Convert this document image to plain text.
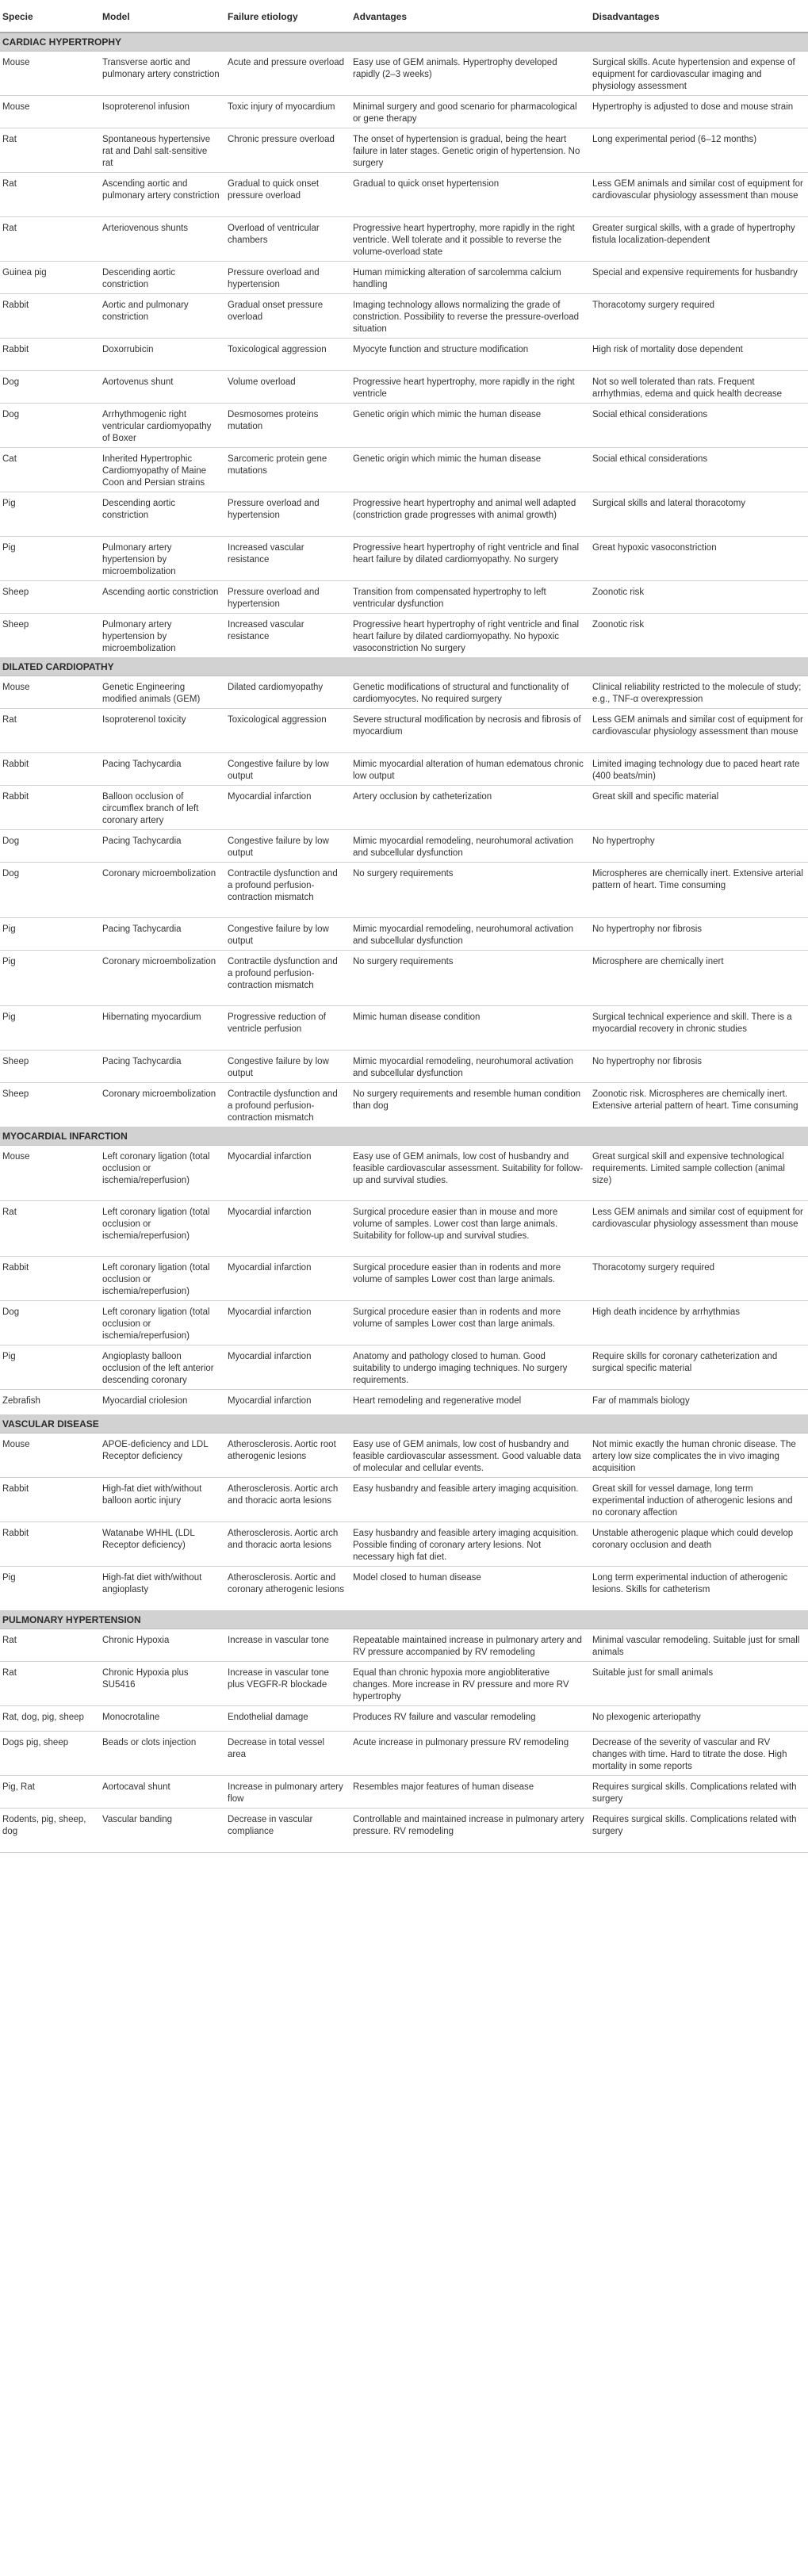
Specie	Model	Failure etiology	Advantages	Disadvantages
CARDIAC HYPERTROPHY				
Mouse	Transverse aortic and pulmonary artery constriction	Acute and pressure overload	Easy use of GEM animals. Hypertrophy developed rapidly (2–3 weeks)	Surgical skills. Acute hypertension and expense of equipment for cardiovascular imaging and physiology assessment
Mouse	Isoproterenol infusion	Toxic injury of myocardium	Minimal surgery and good scenario for pharmacological or gene therapy	Hypertrophy is adjusted to dose and mouse strain
Rat	Spontaneous hypertensive rat and Dahl salt-sensitive rat	Chronic pressure overload	The onset of hypertension is gradual, being the heart failure in later stages. Genetic origin of hypertension. No surgery	Long experimental period (6–12 months)
Rat	Ascending aortic and pulmonary artery constriction	Gradual to quick onset pressure overload	Gradual to quick onset hypertension	Less GEM animals and similar cost of equipment for cardiovascular physiology assessment than mouse
Rat	Arteriovenous shunts	Overload of ventricular chambers	Progressive heart hypertrophy, more rapidly in the right ventricle. Well tolerate and it possible to reverse the volume-overload state	Greater surgical skills, with a grade of hypertrophy fistula localization-dependent
Guinea pig	Descending aortic constriction	Pressure overload and hypertension	Human mimicking alteration of sarcolemma calcium handling	Special and expensive requirements for husbandry
Rabbit	Aortic and pulmonary constriction	Gradual onset pressure overload	Imaging technology allows normalizing the grade of constriction. Possibility to reverse the pressure-overload situation	Thoracotomy surgery required
Rabbit	Doxorrubicin	Toxicological aggression	Myocyte function and structure modification	High risk of mortality dose dependent
Dog	Aortovenus shunt	Volume overload	Progressive heart hypertrophy, more rapidly in the right ventricle	Not so well tolerated than rats. Frequent arrhythmias, edema and quick health decrease
Dog	Arrhythmogenic right ventricular cardiomyopathy of Boxer	Desmosomes proteins mutation	Genetic origin which mimic the human disease	Social ethical considerations
Cat	Inherited Hypertrophic Cardiomyopathy of Maine Coon and Persian strains	Sarcomeric protein gene mutations	Genetic origin which mimic the human disease	Social ethical considerations
Pig	Descending aortic constriction	Pressure overload and hypertension	Progressive heart hypertrophy and animal well adapted (constriction grade progresses with animal growth)	Surgical skills and lateral thoracotomy
Pig	Pulmonary artery hypertension by microembolization	Increased vascular resistance	Progressive heart hypertrophy of right ventricle and final heart failure by dilated cardiomyopathy. No surgery	Great hypoxic vasoconstriction
Sheep	Ascending aortic constriction	Pressure overload and hypertension	Transition from compensated hypertrophy to left ventricular dysfunction	Zoonotic risk
Sheep	Pulmonary artery hypertension by microembolization	Increased vascular resistance	Progressive heart hypertrophy of right ventricle and final heart failure by dilated cardiomyopathy. No hypoxic vasoconstriction No surgery	Zoonotic risk
DILATED CARDIOPATHY				
Mouse	Genetic Engineering modified animals (GEM)	Dilated cardiomyopathy	Genetic modifications of structural and functionality of cardiomyocytes. No required surgery	Clinical reliability restricted to the molecule of study; e.g., TNF-α overexpression
Rat	Isoproterenol toxicity	Toxicological aggression	Severe structural modification by necrosis and fibrosis of myocardium	Less GEM animals and similar cost of equipment for cardiovascular physiology assessment than mouse
Rabbit	Pacing Tachycardia	Congestive failure by low output	Mimic myocardial alteration of human edematous chronic low output	Limited imaging technology due to paced heart rate (400 beats/min)
Rabbit	Balloon occlusion of circumflex branch of left coronary artery	Myocardial infarction	Artery occlusion by catheterization	Great skill and specific material
Dog	Pacing Tachycardia	Congestive failure by low output	Mimic myocardial remodeling, neurohumoral activation and subcellular dysfunction	No hypertrophy
Dog	Coronary microembolization	Contractile dysfunction and a profound perfusion-contraction mismatch	No surgery requirements	Microspheres are chemically inert. Extensive arterial pattern of heart. Time consuming
Pig	Pacing Tachycardia	Congestive failure by low output	Mimic myocardial remodeling, neurohumoral activation and subcellular dysfunction	No hypertrophy nor fibrosis
Pig	Coronary microembolization	Contractile dysfunction and a profound perfusion-contraction mismatch	No surgery requirements	Microsphere are chemically inert
Pig	Hibernating myocardium	Progressive reduction of ventricle perfusion	Mimic human disease condition	Surgical technical experience and skill. There is a myocardial recovery in chronic studies
Sheep	Pacing Tachycardia	Congestive failure by low output	Mimic myocardial remodeling, neurohumoral activation and subcellular dysfunction	No hypertrophy nor fibrosis
Sheep	Coronary microembolization	Contractile dysfunction and a profound perfusion-contraction mismatch	No surgery requirements and resemble human condition than dog	Zoonotic risk. Microspheres are chemically inert. Extensive arterial pattern of heart. Time consuming
MYOCARDIAL INFARCTION				
Mouse	Left coronary ligation (total occlusion or ischemia/reperfusion)	Myocardial infarction	Easy use of GEM animals, low cost of husbandry and feasible cardiovascular assessment. Suitability for follow-up and survival studies.	Great surgical skill and expensive technological requirements. Limited sample collection (animal size)
Rat	Left coronary ligation (total occlusion or ischemia/reperfusion)	Myocardial infarction	Surgical procedure easier than in mouse and more volume of samples. Lower cost than large animals. Suitability for follow-up and survival studies.	Less GEM animals and similar cost of equipment for cardiovascular physiology assessment than mouse
Rabbit	Left coronary ligation (total occlusion or ischemia/reperfusion)	Myocardial infarction	Surgical procedure easier than in rodents and more volume of samples Lower cost than large animals.	Thoracotomy surgery required
Dog	Left coronary ligation (total occlusion or ischemia/reperfusion)	Myocardial infarction	Surgical procedure easier than in rodents and more volume of samples Lower cost than large animals.	High death incidence by arrhythmias
Pig	Angioplasty balloon occlusion of the left anterior descending coronary	Myocardial infarction	Anatomy and pathology closed to human. Good suitability to undergo imaging techniques. No surgery requirements.	Require skills for coronary catheterization and surgical specific material
Zebrafish	Myocardial criolesion	Myocardial infarction	Heart remodeling and regenerative model	Far of mammals biology
VASCULAR DISEASE				
Mouse	APOE-deficiency and LDL Receptor deficiency	Atherosclerosis. Aortic root atherogenic lesions	Easy use of GEM animals, low cost of husbandry and feasible cardiovascular assessment. Good valuable data of molecular and cellular events.	Not mimic exactly the human chronic disease. The artery low size complicates the in vivo imaging acquisition
Rabbit	High-fat diet with/without balloon aortic injury	Atherosclerosis. Aortic arch and thoracic aorta lesions	Easy husbandry and feasible artery imaging acquisition.	Great skill for vessel damage, long term experimental induction of atherogenic lesions and no coronary affection
Rabbit	Watanabe WHHL (LDL Receptor deficiency)	Atherosclerosis. Aortic arch and thoracic aorta lesions	Easy husbandry and feasible artery imaging acquisition. Possible finding of coronary artery lesions. Not necessary high fat diet.	Unstable atherogenic plaque which could develop coronary occlusion and death
Pig	High-fat diet with/without angioplasty	Atherosclerosis. Aortic and coronary atherogenic lesions	Model closed to human disease	Long term experimental induction of atherogenic lesions. Skills for catheterism
PULMONARY HYPERTENSION				
Rat	Chronic Hypoxia	Increase in vascular tone	Repeatable maintained increase in pulmonary artery and RV pressure accompanied by RV remodeling	Minimal vascular remodeling. Suitable just for small animals
Rat	Chronic Hypoxia plus SU5416	Increase in vascular tone plus VEGFR-R blockade	Equal than chronic hypoxia more angiobliterative changes. More increase in RV pressure and more RV hypertrophy	Suitable just for small animals
Rat, dog, pig, sheep	Monocrotaline	Endothelial damage	Produces RV failure and vascular remodeling	No plexogenic arteriopathy
Dogs pig, sheep	Beads or clots injection	Decrease in total vessel area	Acute increase in pulmonary pressure RV remodeling	Decrease of the severity of vascular and RV changes with time. Hard to titrate the dose. High mortality in some reports
Pig, Rat	Aortocaval shunt	Increase in pulmonary artery flow	Resembles major features of human disease	Requires surgical skills. Complications related with surgery
Rodents, pig, sheep, dog	Vascular banding	Decrease in vascular compliance	Controllable and maintained increase in pulmonary artery pressure. RV remodeling	Requires surgical skills. Complications related with surgery
